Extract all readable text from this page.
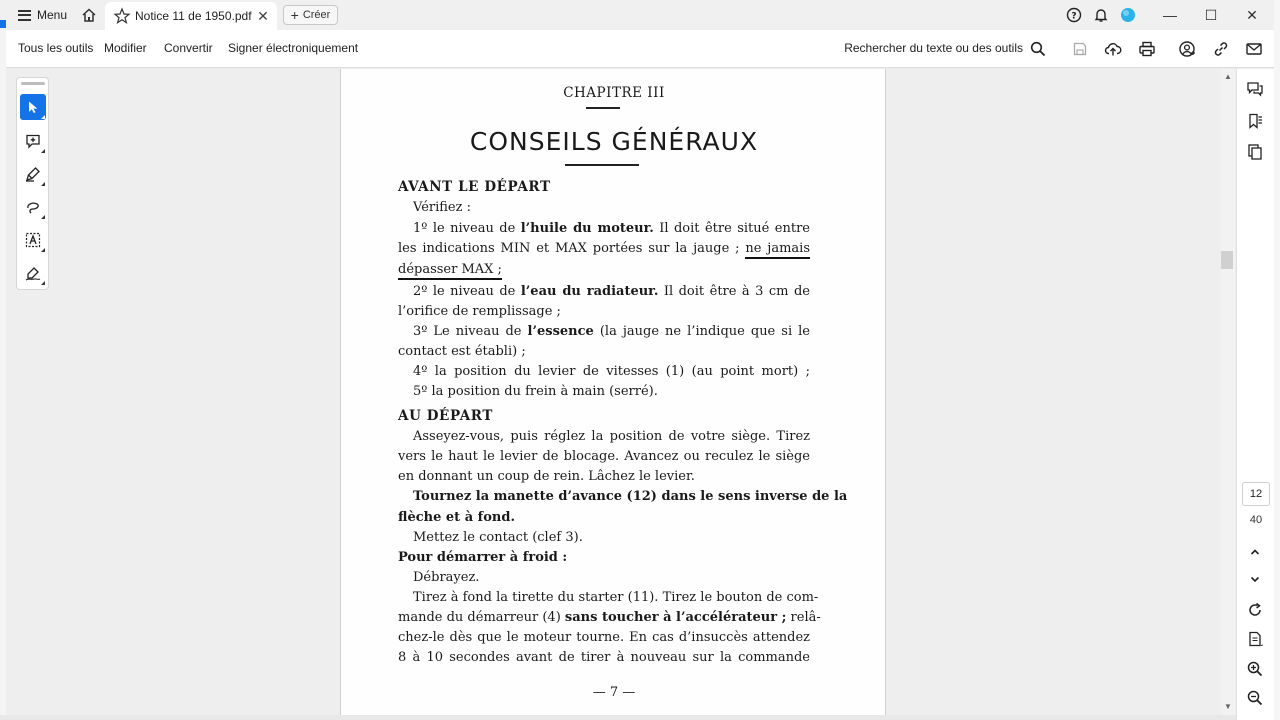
Menu	Notice 11 de 1950.pdf ✕ + Créer	?	—	☐	✕
Tous les outils Modifier Convertir Signer électroniquement	Rechercher du texte ou des outils
CHAPITRE III
CONSEILS GÉNÉRAUX
AVANT LE DÉPART
Vérifiez :
1º le niveau de l’huile du moteur. Il doit être situé entre
les indications MIN et MAX portées sur la jauge ; ne jamais
dépasser MAX ;
2º le niveau de l’eau du radiateur. Il doit être à 3 cm de
l’orifice de remplissage ;
3º Le niveau de l’essence (la jauge ne l’indique que si le
contact est établi) ;
4º la position du levier de vitesses (1) (au point mort) ;
5º la position du frein à main (serré).
AU DÉPART
Asseyez-vous, puis réglez la position de votre siège. Tirez
vers le haut le levier de blocage. Avancez ou reculez le siège
en donnant un coup de rein. Lâchez le levier.
Tournez la manette d’avance (12) dans le sens inverse de la
flèche et à fond.
Mettez le contact (clef 3).
Pour démarrer à froid :
Débrayez.
Tirez à fond la tirette du starter (11). Tirez le bouton de com-
mande du démarreur (4) sans toucher à l’accélérateur ; relâ-
chez-le dès que le moteur tourne. En cas d’insuccès attendez
8 à 10 secondes avant de tirer à nouveau sur la commande
— 7 —
▲
▼
12
40
